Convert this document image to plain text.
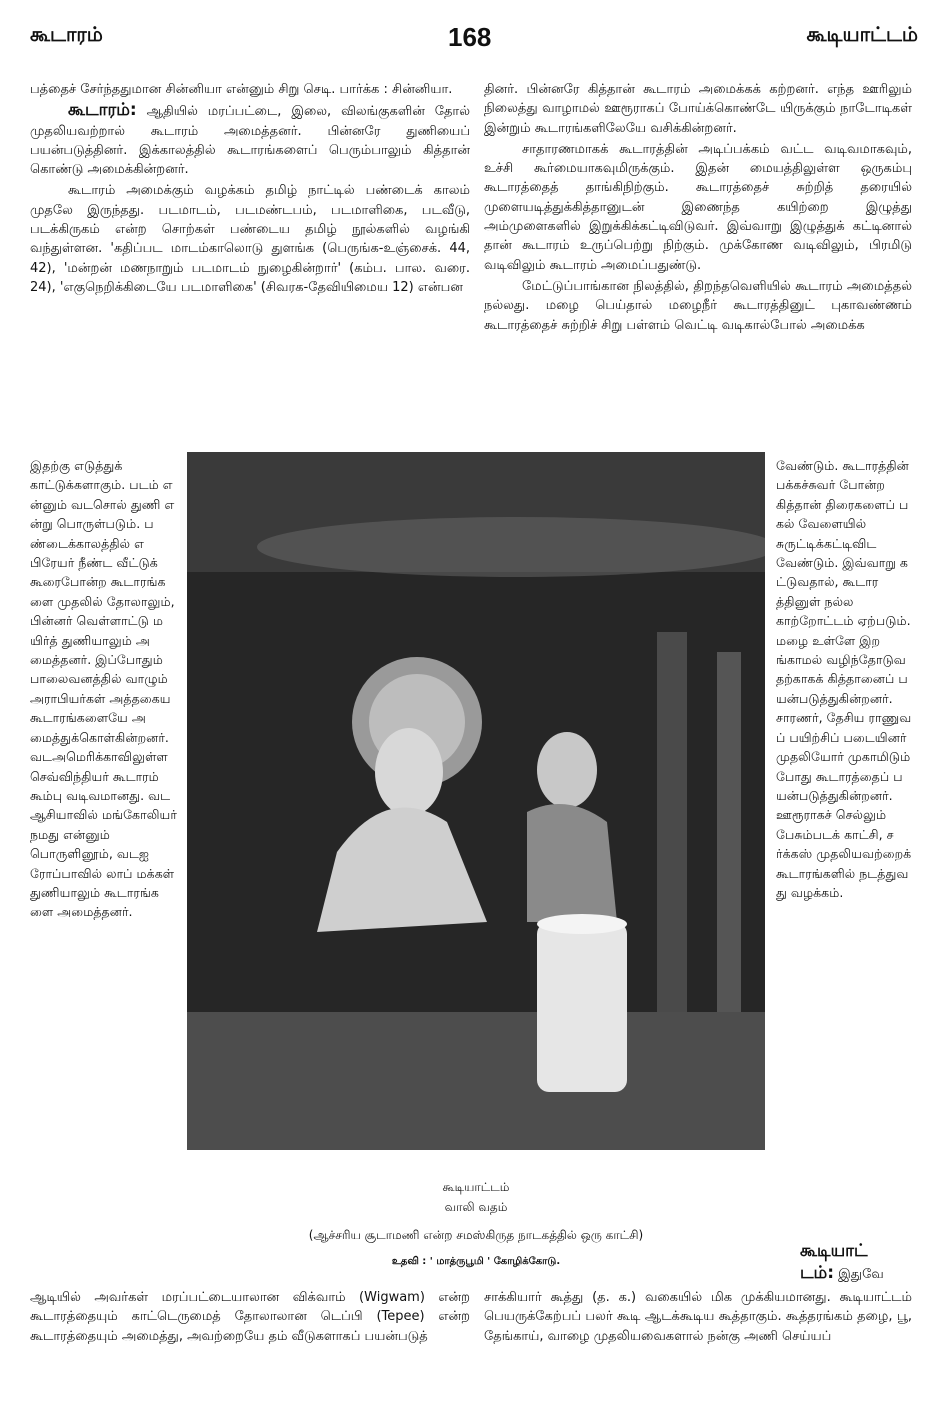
கூடாரம்	168	கூடியாட்டம்

பத்தைச் சேர்ந்ததுமான சின்னியா என்னும் சிறு செடி. பார்க்க : சின்னியா.

கூடாரம்: ஆதியில் மரப்பட்டை, இலை, விலங்குகளின் தோல் முதலியவற்றால் கூடாரம் அமைத்தனர். பின்னரே துணியைப் பயன்படுத்தினர். இக்காலத்தில் கூடாரங்களைப் பெரும்பாலும் கித்தான் கொண்டு அமைக்கின்றனர்.

கூடாரம் அமைக்கும் வழக்கம் தமிழ் நாட்டில் பண்டைக் காலம் முதலே இருந்தது. படமாடம், படமண்டபம், படமாளிகை, படவீடு, படக்கிருகம் என்ற சொற்கள் பண்டைய தமிழ் நூல்களில் வழங்கி வந்துள்ளன. 'கதிப்பட மாடம்காலொடு துளங்க (பெருங்க-உஞ்சைக். 44, 42), 'மன்றன் மணநாறும் படமாடம் நுழைகின்றார்' (கம்ப. பால. வரை. 24), 'எகுநெறிக்கிடையே படமாளிகை' (சிவரக-தேவியிமைய 12) என்பன

தினர். பின்னரே கித்தான் கூடாரம் அமைக்கக் கற்றனர். எந்த ஊரிலும் நிலைத்து வாழாமல் ஊரூராகப் போய்க்கொண்டே யிருக்கும் நாடோடிகள் இன்றும் கூடாரங்களிலேயே வசிக்கின்றனர்.

சாதாரணமாகக் கூடாரத்தின் அடிப்பக்கம் வட்ட வடிவமாகவும், உச்சி கூர்மையாகவுமிருக்கும். இதன் மையத்திலுள்ள ஒருகம்பு கூடாரத்தைத் தாங்கிநிற்கும். கூடாரத்தைச் சுற்றித் தரையில் முளையடித்துக்கித்தானுடன் இணைந்த கயிற்றை இழுத்து அம்முளைகளில் இறுக்கிக்கட்டிவிடுவர். இவ்வாறு இழுத்துக் கட்டினால் தான் கூடாரம் உருப்பெற்று நிற்கும். முக்கோண வடிவிலும், பிரமிடு வடிவிலும் கூடாரம் அமைப்பதுண்டு.

மேட்டுப்பாங்கான நிலத்தில், திறந்தவெளியில் கூடாரம் அமைத்தல் நல்லது. மழை பெய்தால் மழைநீர் கூடாரத்தினுட் புகாவண்ணம் கூடாரத்தைச் சுற்றிச் சிறு பள்ளம் வெட்டி வடிகால்போல் அமைக்க

இதற்கு எடுத்துக் காட்டுக்களாகும். படம் என்னும் வடசொல் துணி என்று பொருள்படும். பண்டைக்காலத்தில் எபிரேயர் நீண்ட வீட்டுக் கூரைபோன்ற கூடாரங்களை முதலில் தோலாலும், பின்னர் வெள்ளாட்டு மயிர்த் துணியாலும் அமைத்தனர். இப்போதும் பாலைவனத்தில் வாழும் அராபியர்கள் அத்தகைய கூடாரங்களையே அமைத்துக்கொள்கின்றனர். வடஅமெரிக்காவிலுள்ள செவ்விந்தியர் கூடாரம் கூம்பு வடிவமானது. வடஆசியாவில் மங்கோலியர் நமது என்னும் பொருளினூம், வடஐரோப்பாவில் லாப் மக்கள் துணியாலும் கூடாரங்களை அமைத்தனர்.
வேண்டும். கூடாரத்தின் பக்கச்சுவர் போன்ற கித்தான் திரைகளைப் பகல் வேளையில் சுருட்டிக்கட்டிவிடவேண்டும். இவ்வாறு கட்டுவதால், கூடாரத்தினுள் நல்ல காற்றோட்டம் ஏற்படும். மழை உள்ளே இறங்காமல் வழிந்தோடுவதற்காகக் கித்தானைப் பயன்படுத்துகின்றனர்.
சாரணர், தேசிய ராணுவப் பயிற்சிப் படையினர் முதலியோர் முகாமிடும் போது கூடாரத்தைப் பயன்படுத்துகின்றனர். ஊரூராகச் செல்லும் பேசும்படக் காட்சி, சர்க்கஸ் முதலியவற்றைக் கூடாரங்களில் நடத்துவது வழக்கம்.
கூடியாட்டம்
வாலி வதம்
(ஆச்சரிய சூடாமணி என்ற சமஸ்கிருத நாடகத்தில் ஒரு காட்சி)
உதவி : ' மாத்ருபூமி ' கோழிக்கோடு.
கூடியாட்
டம்: இதுவே
ஆடியில் அவர்கள் மரப்பட்டையாலான விக்வாம் (Wigwam) என்ற கூடாரத்தையும் காட்டெருமைத் தோலாலான டெப்பி (Tepee) என்ற கூடாரத்தையும் அமைத்து, அவற்றையே தம் வீடுகளாகப் பயன்படுத்
சாக்கியார் கூத்து (த. க.) வகையில் மிக முக்கியமானது. கூடியாட்டம் பெயருக்கேற்பப் பலர் கூடி ஆடக்கூடிய கூத்தாகும். கூத்தரங்கம் தழை, பூ, தேங்காய், வாழை முதலியவைகளால் நன்கு அணி செய்யப்
